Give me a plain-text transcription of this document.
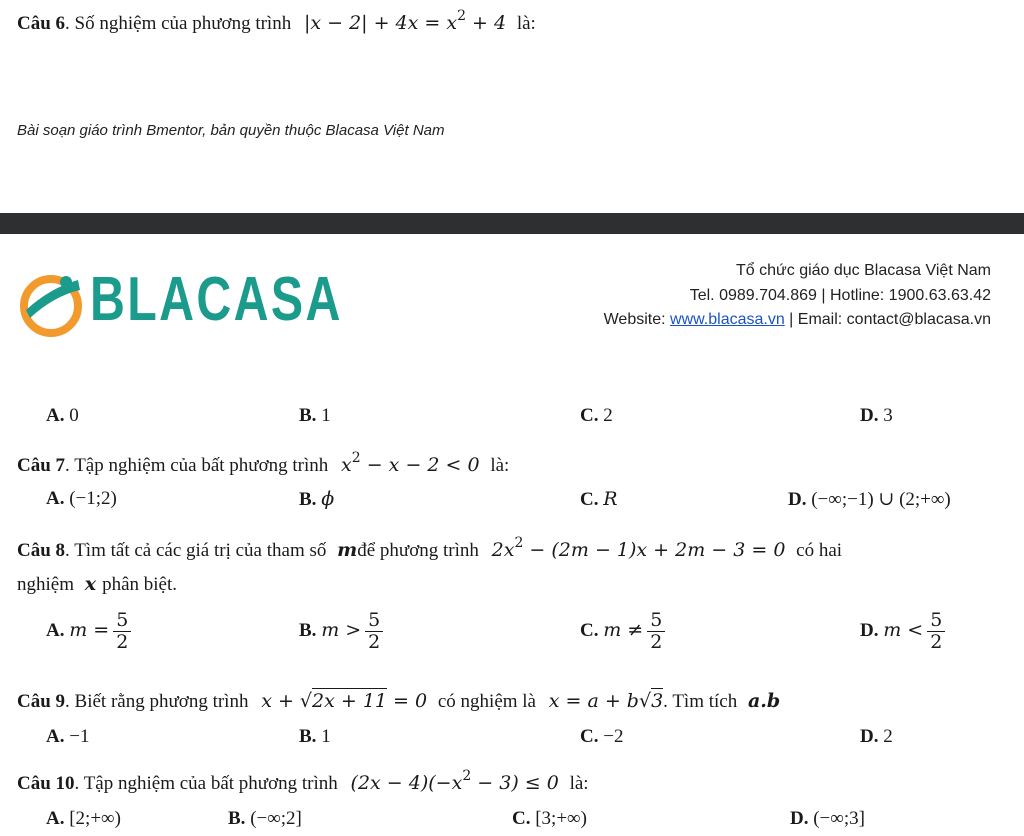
Câu 6. Số nghiệm của phương trình $|x - 2| + 4x = x^2 + 4$ là:
Bài soạn giáo trình Bmentor, bản quyền thuộc Blacasa Việt Nam
BLACASA	Tổ chức giáo dục Blacasa Việt Nam
Tel. 0989.704.869 | Hotline: 1900.63.63.42
Website: www.blacasa.vn | Email: contact@blacasa.vn
A. 0	B. 1	C. 2	D. 3
Câu 7. Tập nghiệm của bất phương trình $x^2 - x - 2 < 0$ là:
A. (−1;2)	B. ϕ	C. R	D. (−∞;−1) ∪ (2;+∞)
Câu 8. Tìm tất cả các giá trị của tham số mđể phương trình $2x^2 - (2m - 1)x + 2m - 3 = 0$ có hai
nghiệm x phân biệt.
A. $m = \frac{5}{2}$	B. $m > \frac{5}{2}$	C. $m \ne \frac{5}{2}$	D. $m < \frac{5}{2}$
Câu 9. Biết rằng phương trình x + √2x + 11 = 0 có nghiệm là x = a + b√3. Tìm tích a.b
A. −1	B. 1	C. −2	D. 2
Câu 10. Tập nghiệm của bất phương trình $(2x - 4)(-x^2 - 3) \le 0$ là:
A. [2;+∞)	B. (−∞;2]	C. [3;+∞)	D. (−∞;3]
